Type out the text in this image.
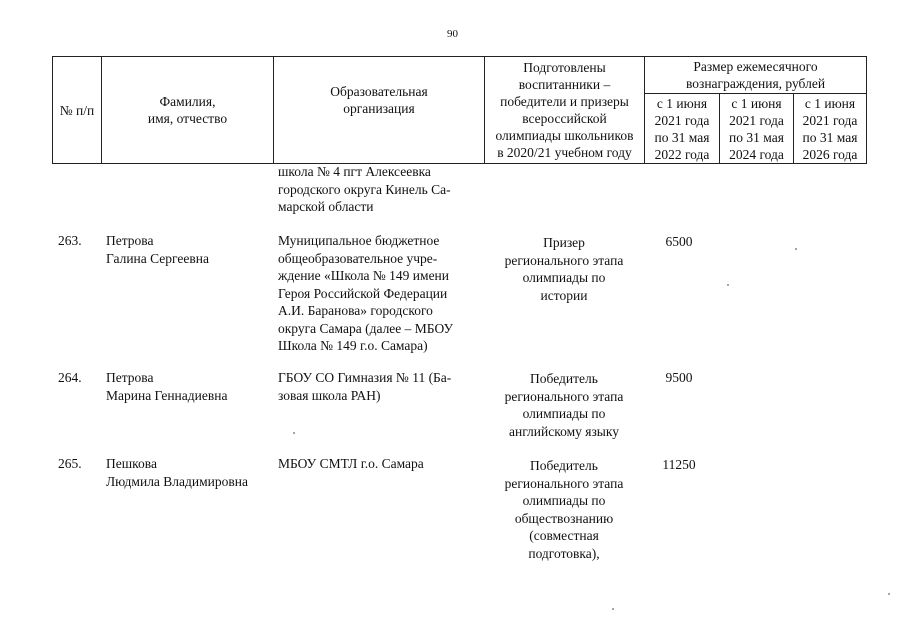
90
№ п/п
Фамилия,
имя, отчество
Образовательная
организация
Подготовлены
воспитанники –
победители и призеры
всероссийской
олимпиады школьников
в 2020/21 учебном году
Размер ежемесячного
вознаграждения, рублей
с 1 июня
2021 года
по 31 мая
2022 года
с 1 июня
2021 года
по 31 мая
2024 года
с 1 июня
2021 года
по 31 мая
2026 года
школа № 4 пгт Алексеевка
городского округа Кинель Са-
марской области
263. Петрова
Галина Сергеевна
Муниципальное бюджетное
общеобразовательное учре-
ждение «Школа № 149 имени
Героя Российской Федерации
А.И. Баранова» городского
округа Самара (далее – МБОУ
Школа № 149 г.о. Самара)
Призер
регионального этапа
олимпиады по
истории
6500
264. Петрова
Марина Геннадиевна
ГБОУ СО Гимназия № 11 (Ба-
зовая школа РАН)
Победитель
регионального этапа
олимпиады по
английскому языку
9500
265. Пешкова
Людмила Владимировна
МБОУ СМТЛ г.о. Самара	Победитель
регионального этапа
олимпиады по
обществознанию
(совместная
подготовка),
11250
